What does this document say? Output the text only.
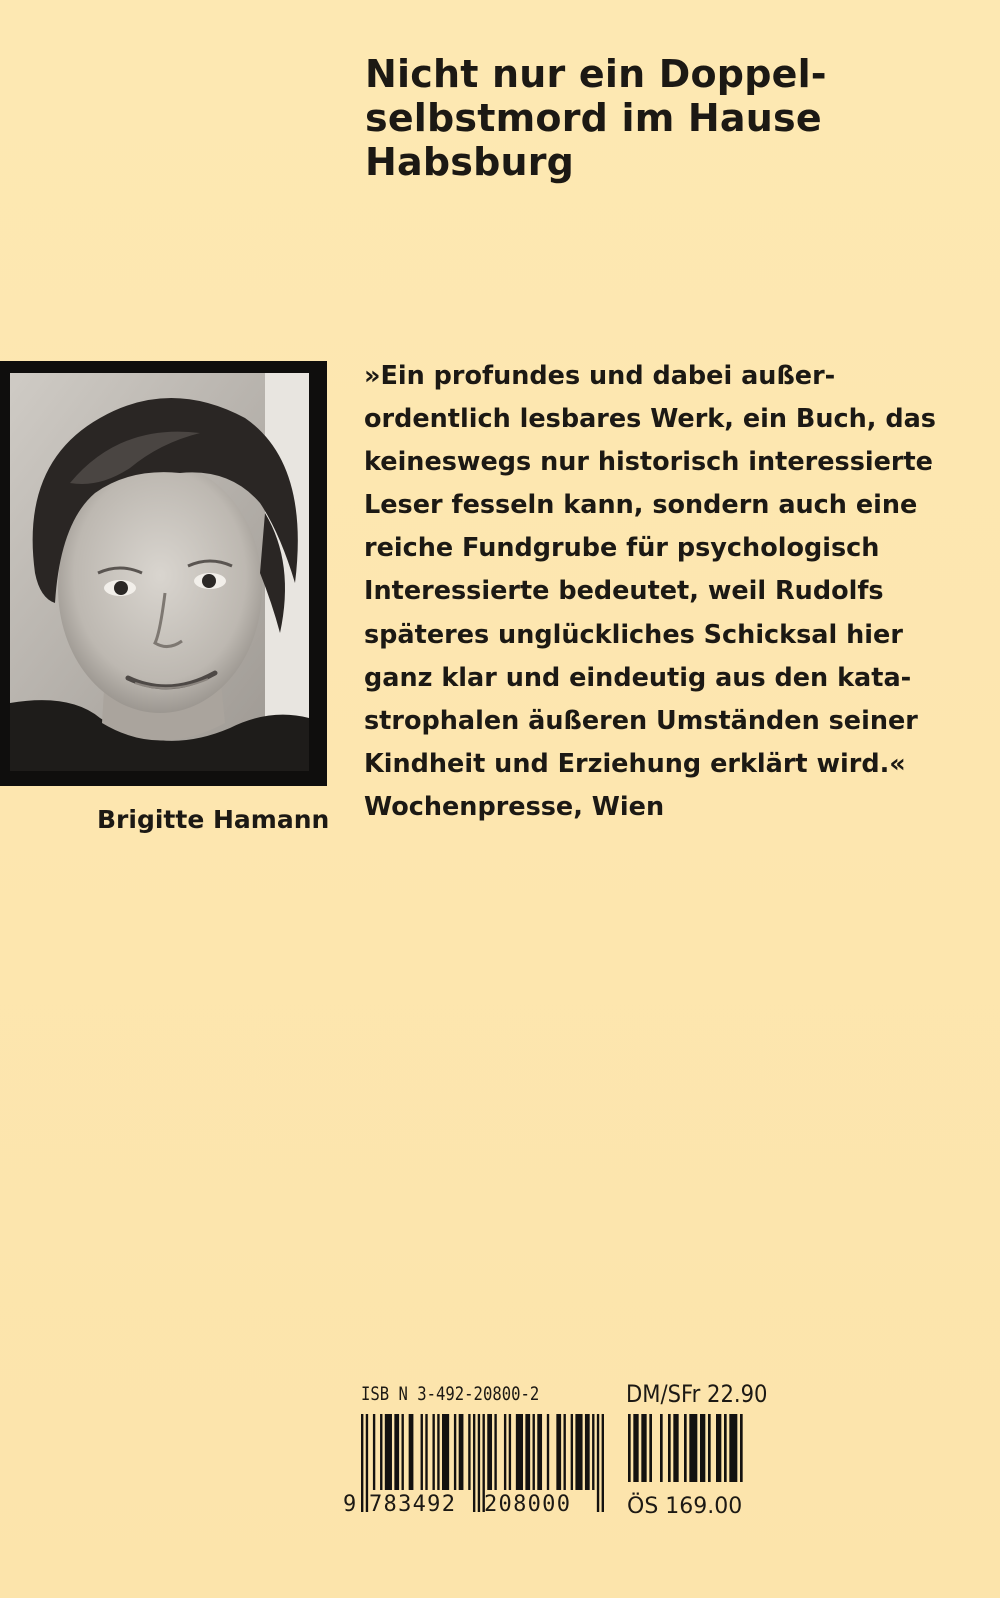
Nicht nur ein Doppel-
selbstmord im Hause
Habsburg
Brigitte Hamann
»Ein profundes und dabei außer-
ordentlich lesbares Werk, ein Buch, das
keineswegs nur historisch interessierte
Leser fesseln kann, sondern auch eine
reiche Fundgrube für psychologisch
Interessierte bedeutet, weil Rudolfs
späteres unglückliches Schicksal hier
ganz klar und eindeutig aus den kata-
strophalen äußeren Umständen seiner
Kindheit und Erziehung erklärt wird.«
Wochenpresse, Wien
ISB N 3-492-20800-2	DM/SFr 22.90
9 783492 208000	ÖS 169.00
